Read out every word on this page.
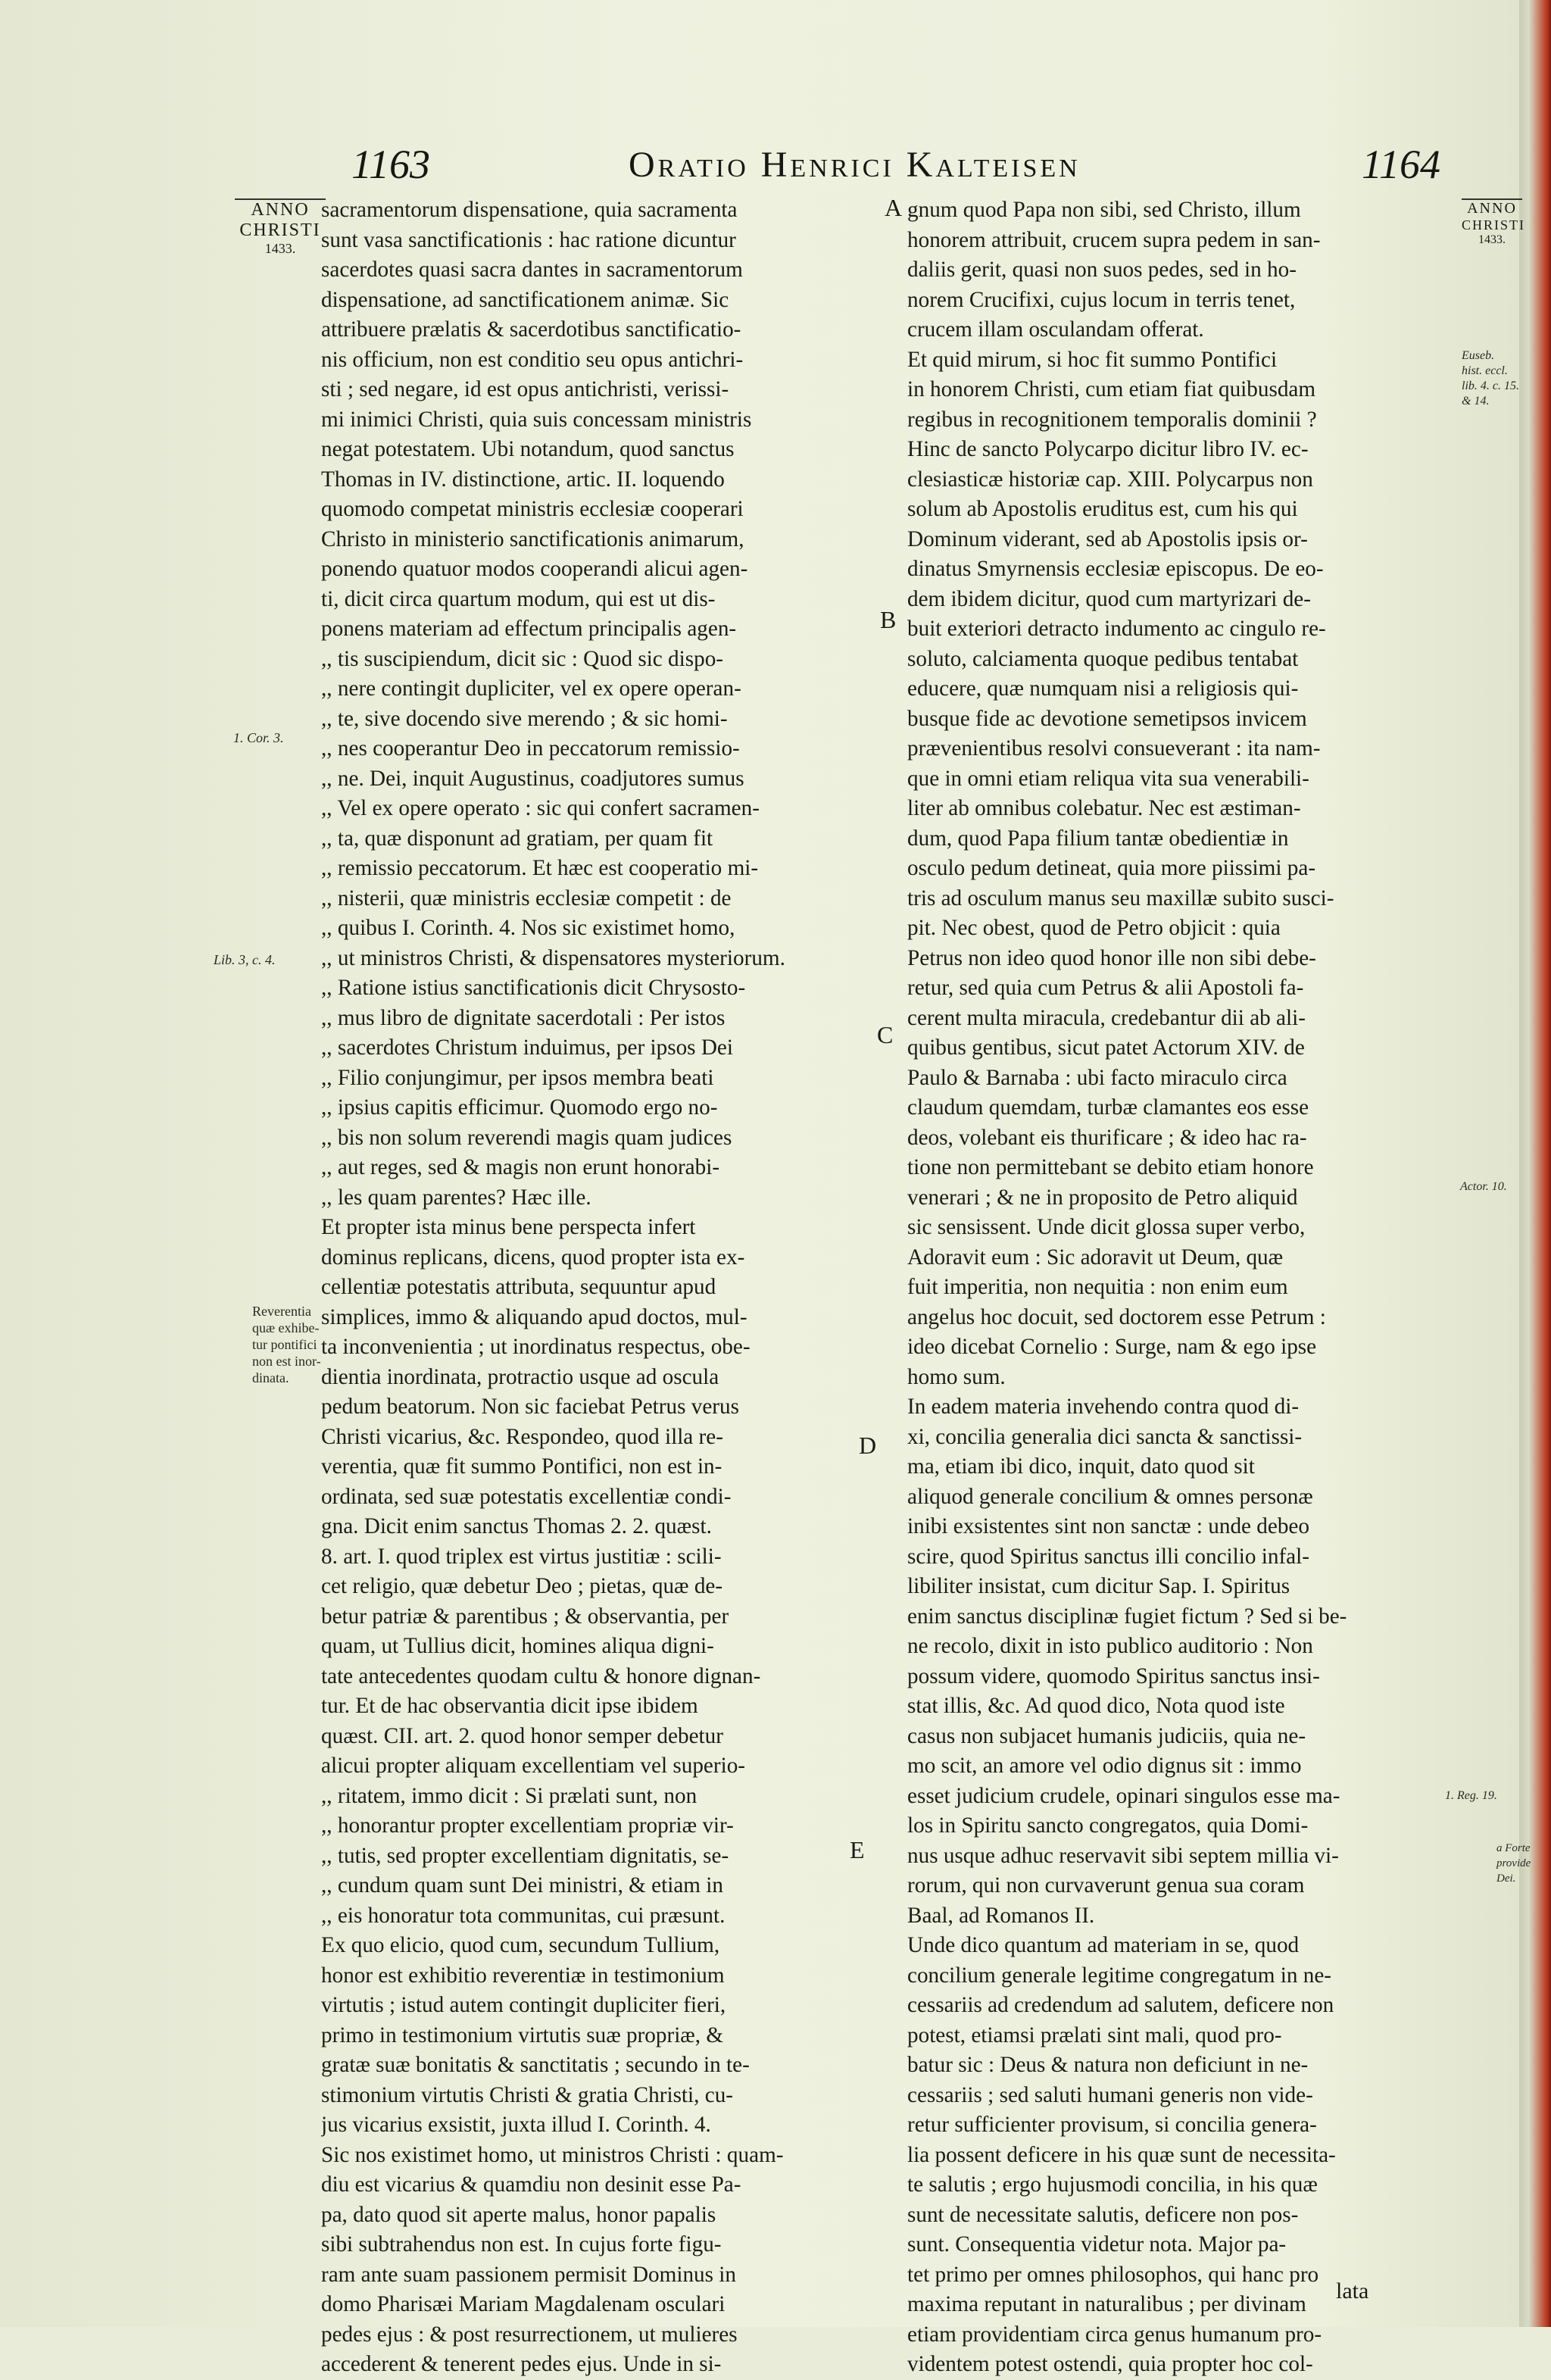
1163	Oratio Henrici Kalteisen	1164
ANNO
CHRISTI
1433.
1. Cor. 3.
Lib. 3, c. 4.
Reverentia
quæ exhibe-
tur pontifici
non est inor-
dinata.
ANNO
CHRISTI
1433.
Euseb.
hist. eccl.
lib. 4. c. 15.
& 14.
Actor. 10.
1. Reg. 19.
a Forte
provide
Dei.
A
B
C
D
E

sacramentorum dispensatione, quia sacramenta

sunt vasa sanctificationis : hac ratione dicuntur

sacerdotes quasi sacra dantes in sacramentorum

dispensatione, ad sanctificationem animæ. Sic

attribuere prælatis & sacerdotibus sanctificatio-

nis officium, non est conditio seu opus antichri-

sti ; sed negare, id est opus antichristi, verissi-

mi inimici Christi, quia suis concessam ministris

negat potestatem. Ubi notandum, quod sanctus

Thomas in IV. distinctione, artic. II. loquendo

quomodo competat ministris ecclesiæ cooperari

Christo in ministerio sanctificationis animarum,

ponendo quatuor modos cooperandi alicui agen-

ti, dicit circa quartum modum, qui est ut dis-

ponens materiam ad effectum principalis agen-

,, tis suscipiendum, dicit sic : Quod sic dispo-

,, nere contingit dupliciter, vel ex opere operan-

,, te, sive docendo sive merendo ; & sic homi-

,, nes cooperantur Deo in peccatorum remissio-

,, ne. Dei, inquit Augustinus, coadjutores sumus

,, Vel ex opere operato : sic qui confert sacramen-

,, ta, quæ disponunt ad gratiam, per quam fit

,, remissio peccatorum. Et hæc est cooperatio mi-

,, nisterii, quæ ministris ecclesiæ competit : de

,, quibus I. Corinth. 4. Nos sic existimet homo,

,, ut ministros Christi, & dispensatores mysteriorum.

,, Ratione istius sanctificationis dicit Chrysosto-

,, mus libro de dignitate sacerdotali : Per istos

,, sacerdotes Christum induimus, per ipsos Dei

,, Filio conjungimur, per ipsos membra beati

,, ipsius capitis efficimur. Quomodo ergo no-

,, bis non solum reverendi magis quam judices

,, aut reges, sed & magis non erunt honorabi-

,, les quam parentes? Hæc ille.

Et propter ista minus bene perspecta infert

dominus replicans, dicens, quod propter ista ex-

cellentiæ potestatis attributa, sequuntur apud

simplices, immo & aliquando apud doctos, mul-

ta inconvenientia ; ut inordinatus respectus, obe-

dientia inordinata, protractio usque ad oscula

pedum beatorum. Non sic faciebat Petrus verus

Christi vicarius, &c. Respondeo, quod illa re-

verentia, quæ fit summo Pontifici, non est in-

ordinata, sed suæ potestatis excellentiæ condi-

gna. Dicit enim sanctus Thomas 2. 2. quæst.

8. art. I. quod triplex est virtus justitiæ : scili-

cet religio, quæ debetur Deo ; pietas, quæ de-

betur patriæ & parentibus ; & observantia, per

quam, ut Tullius dicit, homines aliqua digni-

tate antecedentes quodam cultu & honore dignan-

tur. Et de hac observantia dicit ipse ibidem

quæst. CII. art. 2. quod honor semper debetur

alicui propter aliquam excellentiam vel superio-

,, ritatem, immo dicit : Si prælati sunt, non

,, honorantur propter excellentiam propriæ vir-

,, tutis, sed propter excellentiam dignitatis, se-

,, cundum quam sunt Dei ministri, & etiam in

,, eis honoratur tota communitas, cui præsunt.

Ex quo elicio, quod cum, secundum Tullium,

honor est exhibitio reverentiæ in testimonium

virtutis ; istud autem contingit dupliciter fieri,

primo in testimonium virtutis suæ propriæ, &

gratæ suæ bonitatis & sanctitatis ; secundo in te-

stimonium virtutis Christi & gratia Christi, cu-

jus vicarius exsistit, juxta illud I. Corinth. 4.

Sic nos existimet homo, ut ministros Christi : quam-

diu est vicarius & quamdiu non desinit esse Pa-

pa, dato quod sit aperte malus, honor papalis

sibi subtrahendus non est. In cujus forte figu-

ram ante suam passionem permisit Dominus in

domo Pharisæi Mariam Magdalenam osculari

pedes ejus : & post resurrectionem, ut mulieres

accederent & tenerent pedes ejus. Unde in si-

gnum quod Papa non sibi, sed Christo, illum

honorem attribuit, crucem supra pedem in san-

daliis gerit, quasi non suos pedes, sed in ho-

norem Crucifixi, cujus locum in terris tenet,

crucem illam osculandam offerat.

Et quid mirum, si hoc fit summo Pontifici

in honorem Christi, cum etiam fiat quibusdam

regibus in recognitionem temporalis dominii ?

Hinc de sancto Polycarpo dicitur libro IV. ec-

clesiasticæ historiæ cap. XIII. Polycarpus non

solum ab Apostolis eruditus est, cum his qui

Dominum viderant, sed ab Apostolis ipsis or-

dinatus Smyrnensis ecclesiæ episcopus. De eo-

dem ibidem dicitur, quod cum martyrizari de-

buit exteriori detracto indumento ac cingulo re-

soluto, calciamenta quoque pedibus tentabat

educere, quæ numquam nisi a religiosis qui-

busque fide ac devotione semetipsos invicem

prævenientibus resolvi consueverant : ita nam-

que in omni etiam reliqua vita sua venerabili-

liter ab omnibus colebatur. Nec est æstiman-

dum, quod Papa filium tantæ obedientiæ in

osculo pedum detineat, quia more piissimi pa-

tris ad osculum manus seu maxillæ subito susci-

pit. Nec obest, quod de Petro objicit : quia

Petrus non ideo quod honor ille non sibi debe-

retur, sed quia cum Petrus & alii Apostoli fa-

cerent multa miracula, credebantur dii ab ali-

quibus gentibus, sicut patet Actorum XIV. de

Paulo & Barnaba : ubi facto miraculo circa

claudum quemdam, turbæ clamantes eos esse

deos, volebant eis thurificare ; & ideo hac ra-

tione non permittebant se debito etiam honore

venerari ; & ne in proposito de Petro aliquid

sic sensissent. Unde dicit glossa super verbo,

Adoravit eum : Sic adoravit ut Deum, quæ

fuit imperitia, non nequitia : non enim eum

angelus hoc docuit, sed doctorem esse Petrum :

ideo dicebat Cornelio : Surge, nam & ego ipse

homo sum.

In eadem materia invehendo contra quod di-

xi, concilia generalia dici sancta & sanctissi-

ma, etiam ibi dico, inquit, dato quod sit

aliquod generale concilium & omnes personæ

inibi exsistentes sint non sanctæ : unde debeo

scire, quod Spiritus sanctus illi concilio infal-

libiliter insistat, cum dicitur Sap. I. Spiritus

enim sanctus disciplinæ fugiet fictum ? Sed si be-

ne recolo, dixit in isto publico auditorio : Non

possum videre, quomodo Spiritus sanctus insi-

stat illis, &c. Ad quod dico, Nota quod iste

casus non subjacet humanis judiciis, quia ne-

mo scit, an amore vel odio dignus sit : immo

esset judicium crudele, opinari singulos esse ma-

los in Spiritu sancto congregatos, quia Domi-

nus usque adhuc reservavit sibi septem millia vi-

rorum, qui non curvaverunt genua sua coram

Baal, ad Romanos II.

Unde dico quantum ad materiam in se, quod

concilium generale legitime congregatum in ne-

cessariis ad credendum ad salutem, deficere non

potest, etiamsi prælati sint mali, quod pro-

batur sic : Deus & natura non deficiunt in ne-

cessariis ; sed saluti humani generis non vide-

retur sufficienter provisum, si concilia genera-

lia possent deficere in his quæ sunt de necessita-

te salutis ; ergo hujusmodi concilia, in his quæ

sunt de necessitate salutis, deficere non pos-

sunt. Consequentia videtur nota. Major pa-

tet primo per omnes philosophos, qui hanc pro

maxima reputant in naturalibus ; per divinam

etiam providentiam circa genus humanum pro-

videntem potest ostendi, quia propter hoc col-

lata
